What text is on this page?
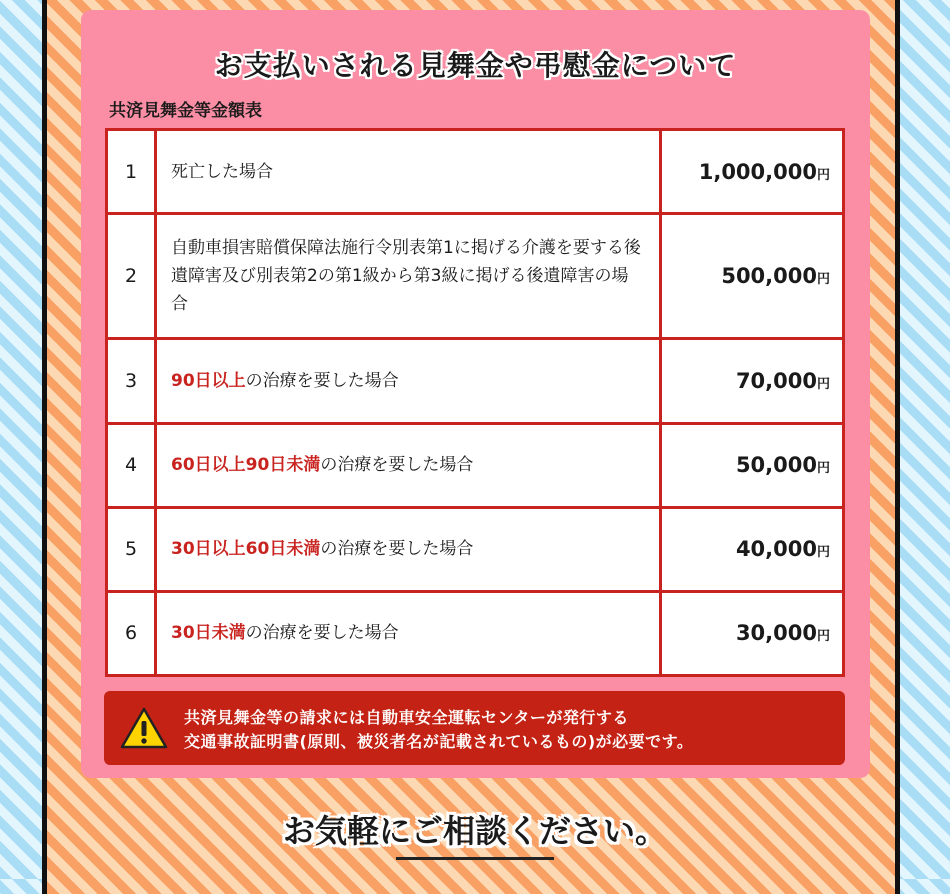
お支払いされる見舞金や弔慰金について
共済見舞金等金額表
1	死亡した場合	1,000,000円
2	自動車損害賠償保障法施行令別表第1に掲げる介護を要する後遺障害及び別表第2の第1級から第3級に掲げる後遺障害の場合	500,000円
3	90日以上の治療を要した場合	70,000円
4	60日以上90日未満の治療を要した場合	50,000円
5	30日以上60日未満の治療を要した場合	40,000円
6	30日未満の治療を要した場合	30,000円
共済見舞金等の請求には自動車安全運転センターが発行する
交通事故証明書(原則、被災者名が記載されているもの)が必要です。
お気軽にご相談ください。
